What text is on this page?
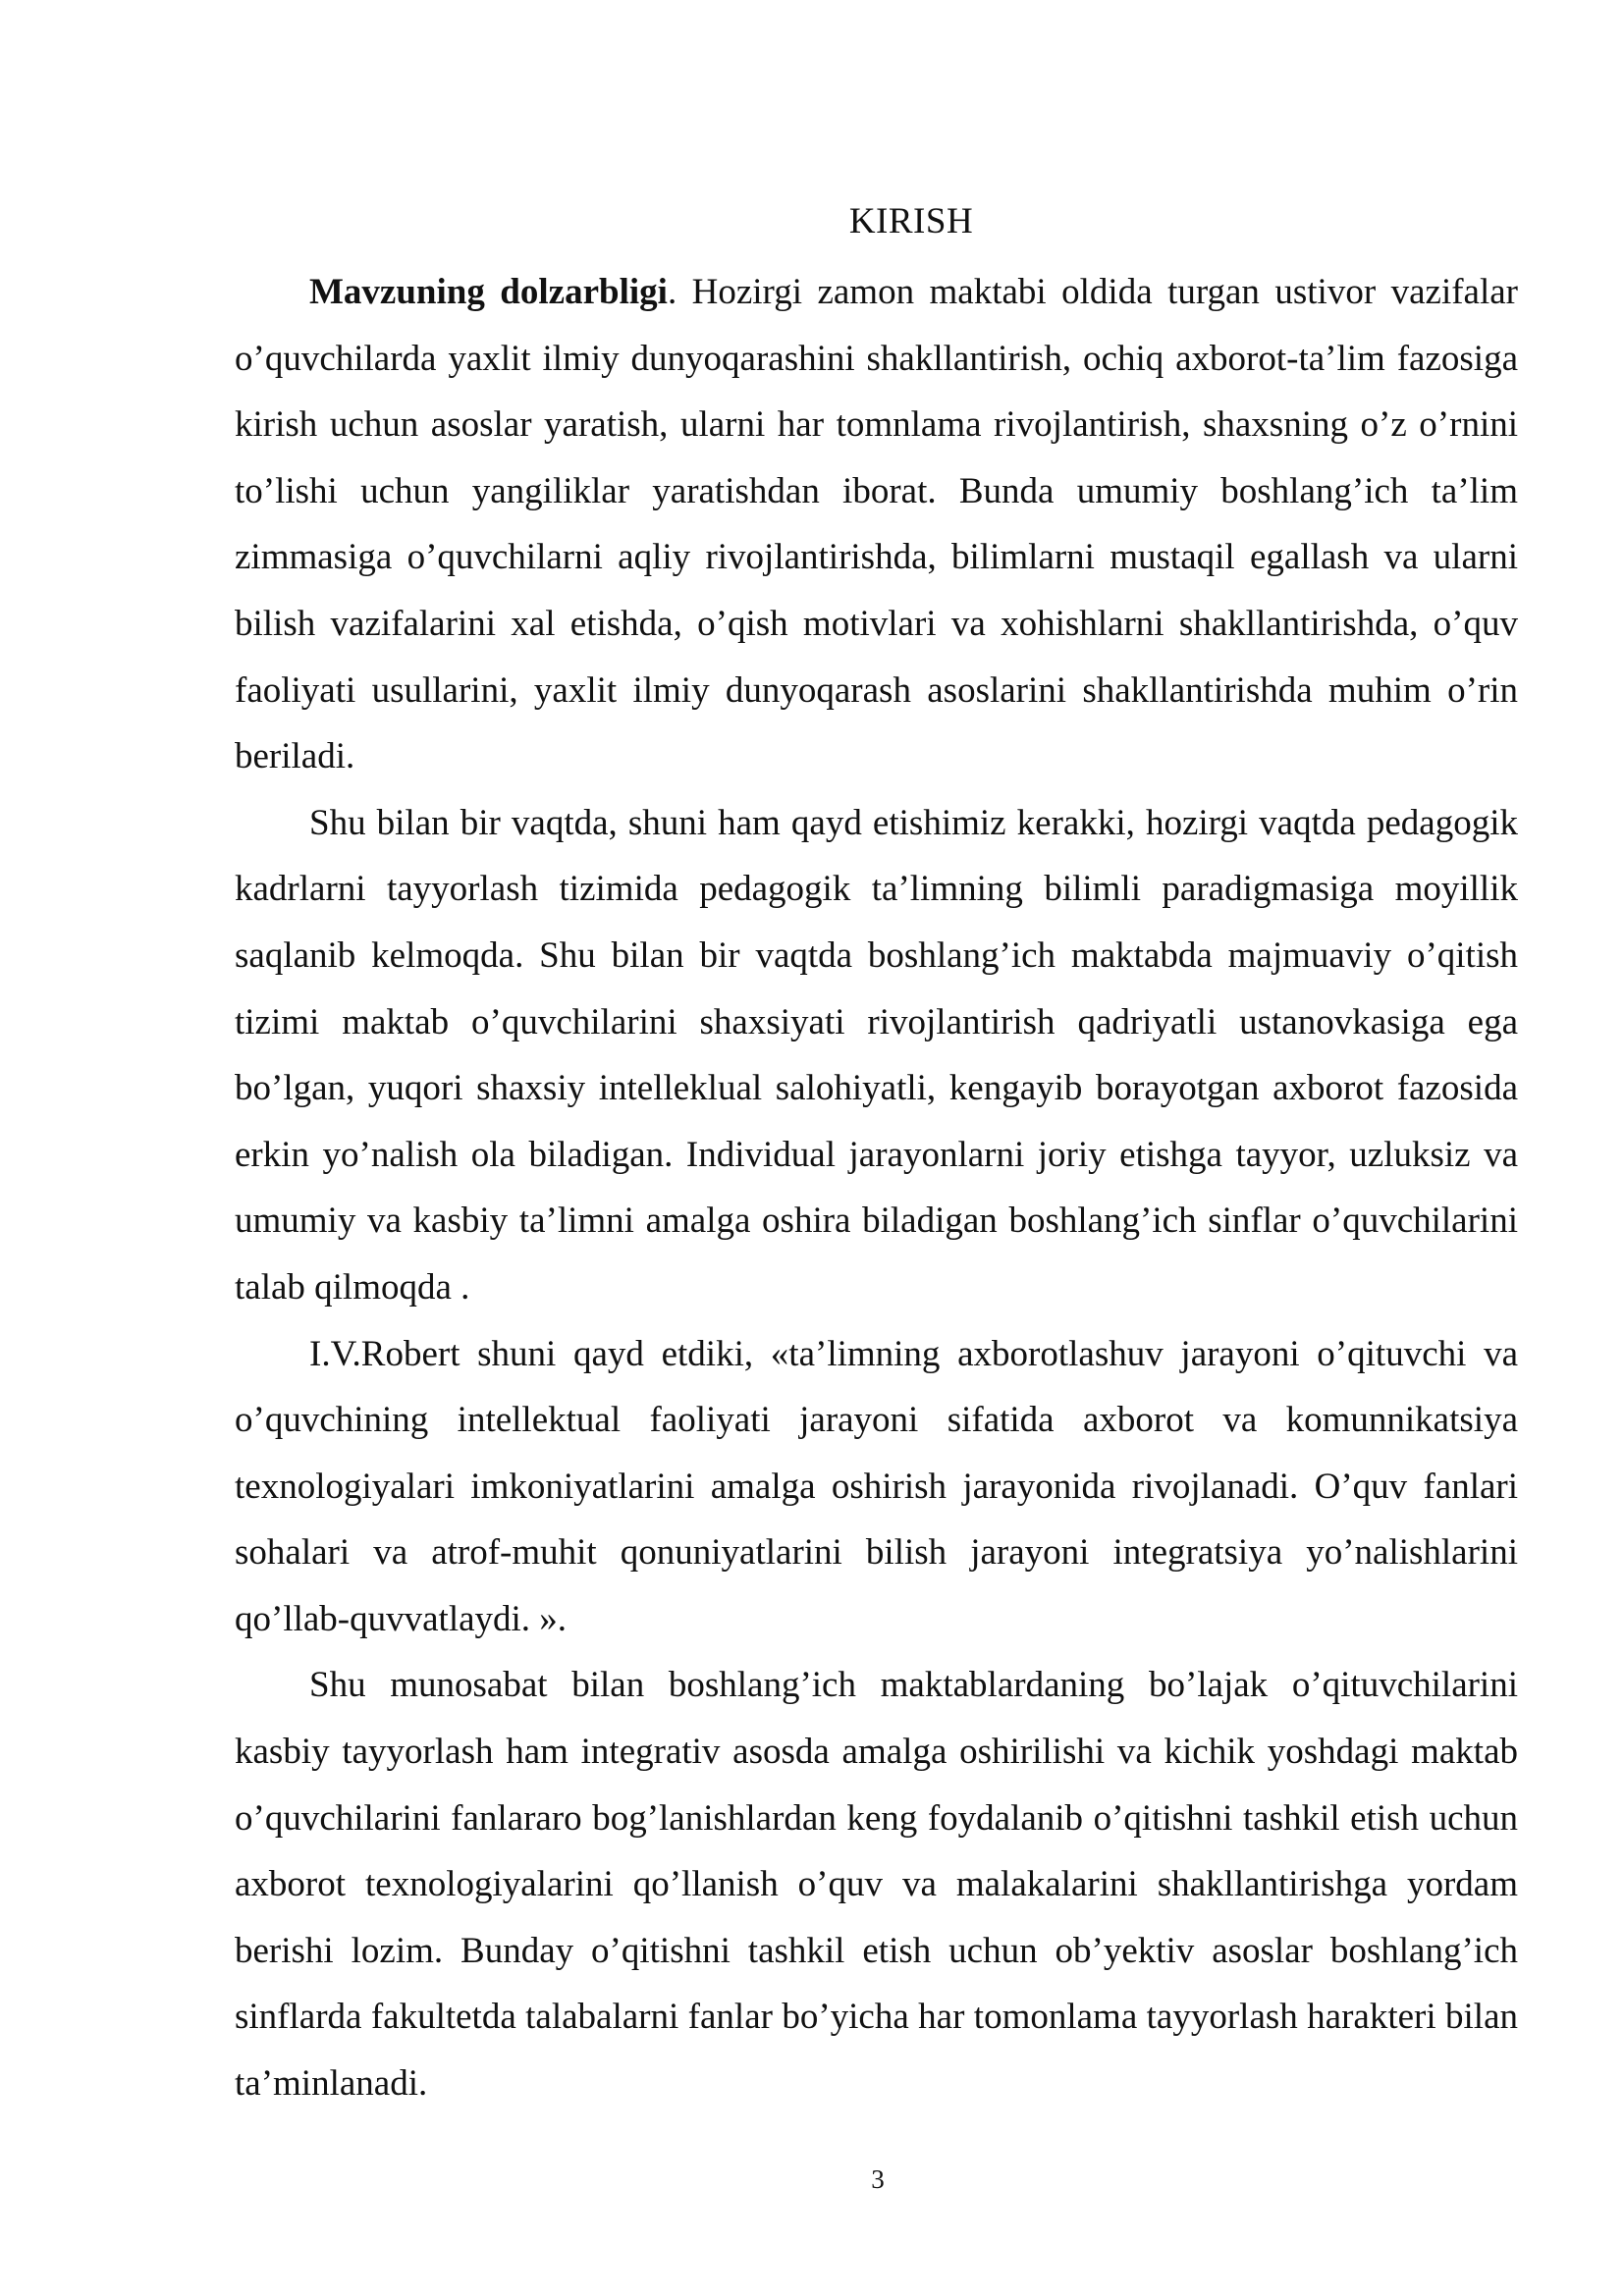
KIRISH

Mavzuning dolzarbligi. Hozirgi zamon maktabi oldida turgan ustivor vazifalar o’quvchilarda yaxlit ilmiy dunyoqarashini shakllantirish, ochiq axborot-ta’lim fazosiga kirish uchun asoslar yaratish, ularni har tomnlama rivojlantirish, shaxsning o’z o’rnini to’lishi uchun yangiliklar yaratishdan iborat. Bunda umumiy boshlang’ich ta’lim zimmasiga o’quvchilarni aqliy rivojlantirishda, bilimlarni mustaqil egallash va ularni bilish vazifalarini xal etishda, o’qish motivlari va xohishlarni shakllantirishda, o’quv faoliyati usullarini, yaxlit ilmiy dunyoqarash asoslarini shakllantirishda muhim o’rin beriladi.

Shu bilan bir vaqtda, shuni ham qayd etishimiz kerakki, hozirgi vaqtda pedagogik kadrlarni tayyorlash tizimida pedagogik ta’limning bilimli paradigmasiga moyillik saqlanib kelmoqda. Shu bilan bir vaqtda boshlang’ich maktabda majmuaviy o’qitish tizimi maktab o’quvchilarini shaxsiyati rivojlantirish qadriyatli ustanovkasiga ega bo’lgan, yuqori shaxsiy intelleklual salohiyatli, kengayib borayotgan axborot fazosida erkin yo’nalish ola biladigan. Individual jarayonlarni joriy etishga tayyor, uzluksiz va umumiy va kasbiy ta’limni amalga oshira biladigan boshlang’ich sinflar o’quvchilarini talab qilmoqda .

I.V.Robert shuni qayd etdiki, «ta’limning axborotlashuv jarayoni o’qituvchi va o’quvchining intellektual faoliyati jarayoni sifatida axborot va komunnikatsiya texnologiyalari imkoniyatlarini amalga oshirish jarayonida rivojlanadi. O’quv fanlari sohalari va atrof-muhit qonuniyatlarini bilish jarayoni integratsiya yo’nalishlarini qo’llab-quvvatlaydi. ».

Shu munosabat bilan boshlang’ich maktablardaning bo’lajak o’qituvchilarini kasbiy tayyorlash ham integrativ asosda amalga oshirilishi va kichik yoshdagi maktab o’quvchilarini fanlararo bog’lanishlardan keng foydalanib o’qitishni tashkil etish uchun axborot texnologiyalarini qo’llanish o’quv va malakalarini shakllantirishga yordam berishi lozim. Bunday o’qitishni tashkil etish uchun ob’yektiv asoslar boshlang’ich sinflarda fakultetda talabalarni fanlar bo’yicha har tomonlama tayyorlash harakteri bilan ta’minlanadi.

3
